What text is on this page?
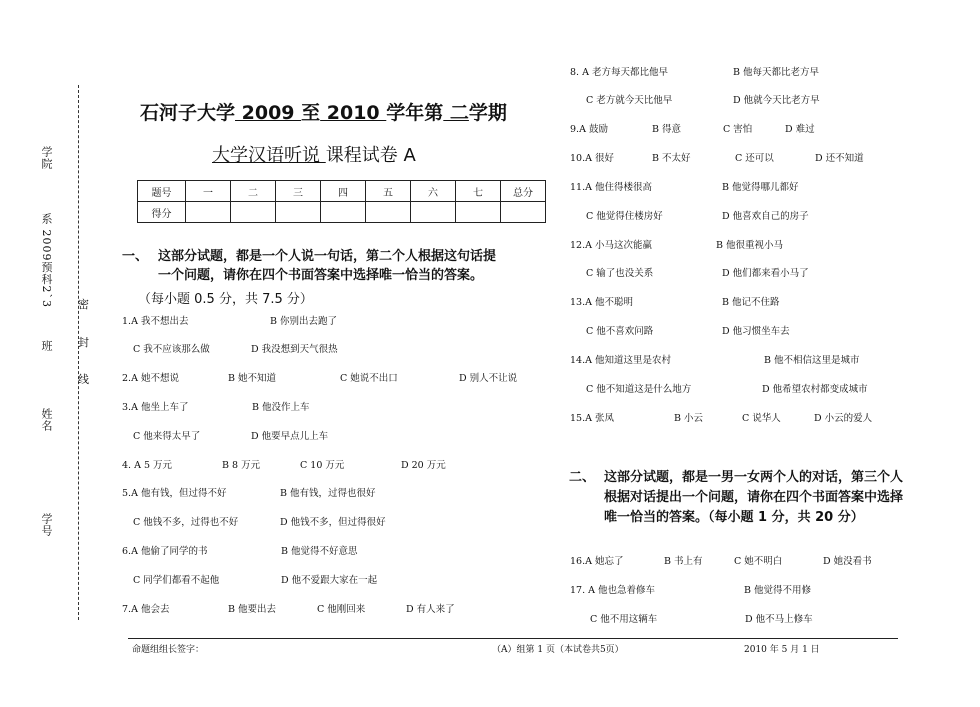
学院
系 2009预科2`3
班
姓名
学号
密
封
线
石河子大学 2009 至 2010 学年第 二学期
大学汉语听说 课程试卷 A
题号	一	二	三	四	五	六	七	总分
得分								
一、 这部分试题，都是一个人说一句话，第二个人根据这句话提
一个问题，请你在四个书面答案中选择唯一恰当的答案。
（每小题 0.5 分，共 7.5 分）
1.A 我不想出去	B 你别出去跑了
C 我不应该那么做	D 我没想到天气很热
2.A 她不想说	B 她不知道	C 她说不出口	D 别人不让说
3.A 他坐上车了	B 他没作上车
C 他来得太早了	D 他要早点儿上车
4. A 5 万元	B 8 万元	C 10 万元	D 20 万元
5.A 他有钱，但过得不好	B 他有钱，过得也很好
C 他钱不多，过得也不好	D 他钱不多，但过得很好
6.A 他偷了同学的书	B 他觉得不好意思
C 同学们都看不起他	D 他不爱跟大家在一起
7.A 他会去	B 他要出去	C 他刚回来	D 有人来了
8. A 老方每天都比他早	B 他每天都比老方早
C 老方就今天比他早	D 他就今天比老方早
9.A 鼓励	B 得意	C 害怕	D 难过
10.A 很好	B 不太好	C 还可以	D 还不知道
11.A 他住得楼很高	B 他觉得哪儿都好
C 他觉得住楼房好	D 他喜欢自己的房子
12.A 小马这次能赢	B 他很重视小马
C 输了也没关系	D 他们都来看小马了
13.A 他不聪明	B 他记不住路
C 他不喜欢问路	D 他习惯坐车去
14.A 他知道这里是农村	B 他不相信这里是城市
C 他不知道这是什么地方	D 他希望农村都变成城市
15.A 张凤	B 小云	C 说华人	D 小云的爱人
二、 这部分试题，都是一男一女两个人的对话，第三个人根据对话提出一个问题，请你在四个书面答案中选择唯一恰当的答案。（每小题 1 分，共 20 分）
16.A 她忘了	B 书上有	C 她不明白	D 她没看书
17. A 他也急着修车	B 他觉得不用修
C 他不用这辆车	D 他不马上修车
命题组组长签字：	（A）组第 1 页（本试卷共5页）	2010 年 5 月 1 日
